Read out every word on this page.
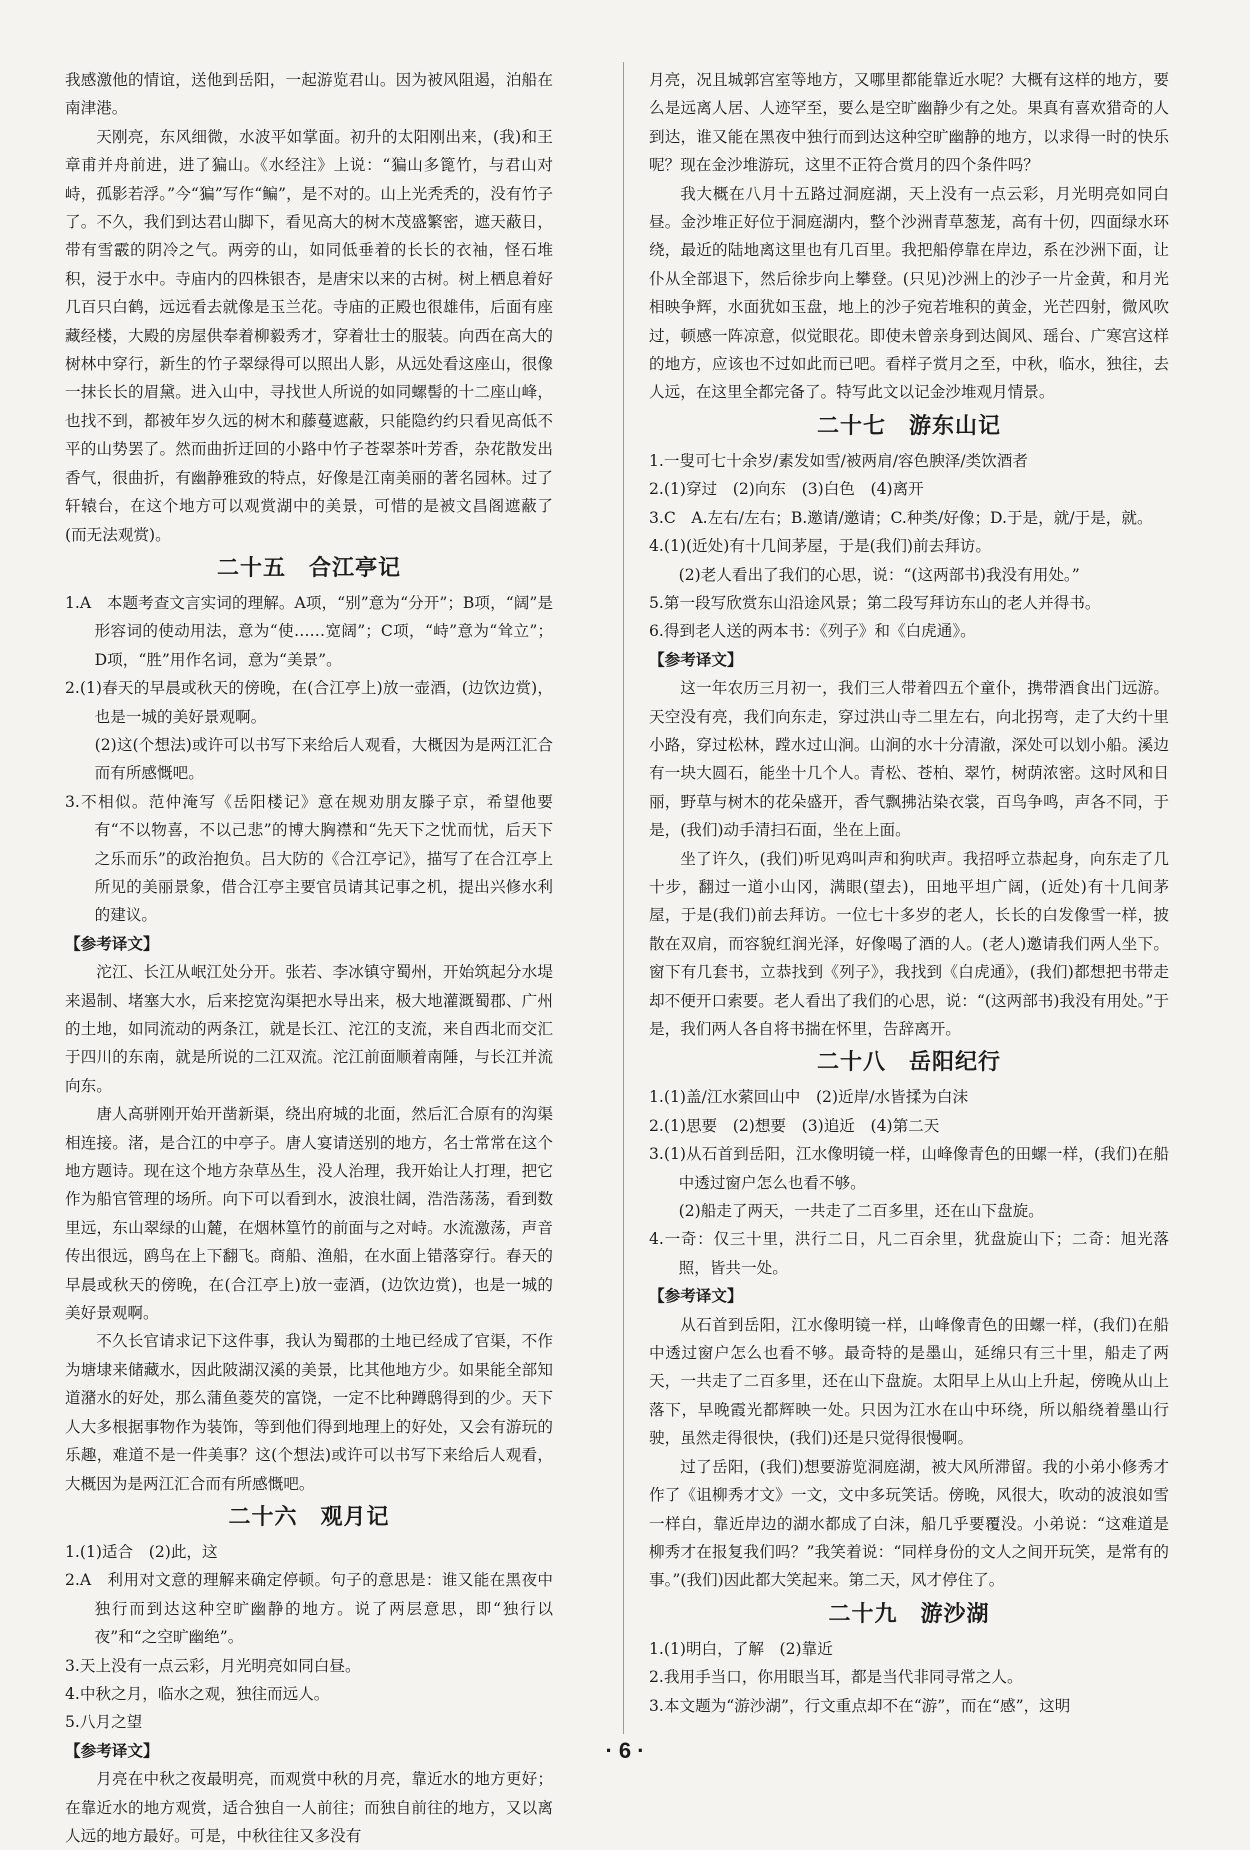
我感激他的情谊，送他到岳阳，一起游览君山。因为被风阻遏，泊船在南津港。

天刚亮，东风细微，水波平如掌面。初升的太阳刚出来，(我)和王章甫并舟前进，进了猵山。《水经注》上说：“猵山多篦竹，与君山对峙，孤影若浮。”今“猵”写作“鳊”，是不对的。山上光秃秃的，没有竹子了。不久，我们到达君山脚下，看见高大的树木茂盛繁密，遮天蔽日，带有雪霰的阴冷之气。两旁的山，如同低垂着的长长的衣袖，怪石堆积，浸于水中。寺庙内的四株银杏，是唐宋以来的古树。树上栖息着好几百只白鹤，远远看去就像是玉兰花。寺庙的正殿也很雄伟，后面有座藏经楼，大殿的房屋供奉着柳毅秀才，穿着壮士的服装。向西在高大的树林中穿行，新生的竹子翠绿得可以照出人影，从远处看这座山，很像一抹长长的眉黛。进入山中，寻找世人所说的如同螺髻的十二座山峰，也找不到，都被年岁久远的树木和藤蔓遮蔽，只能隐约约只看见高低不平的山势罢了。然而曲折迂回的小路中竹子苍翠茶叶芳香，杂花散发出香气，很曲折，有幽静雅致的特点，好像是江南美丽的著名园林。过了轩辕台，在这个地方可以观赏湖中的美景，可惜的是被文昌阁遮蔽了(而无法观赏)。

二十五　合江亭记

1.A　本题考查文言实词的理解。A项，“别”意为“分开”；B项，“阔”是形容词的使动用法，意为“使……宽阔”；C项，“峙”意为“耸立”；D项，“胜”用作名词，意为“美景”。

2.(1)春天的早晨或秋天的傍晚，在(合江亭上)放一壶酒，(边饮边赏)，也是一城的美好景观啊。

(2)这(个想法)或许可以书写下来给后人观看，大概因为是两江汇合而有所感慨吧。

3.不相似。范仲淹写《岳阳楼记》意在规劝朋友滕子京，希望他要有“不以物喜，不以己悲”的博大胸襟和“先天下之忧而忧，后天下之乐而乐”的政治抱负。吕大防的《合江亭记》，描写了在合江亭上所见的美丽景象，借合江亭主要官员请其记事之机，提出兴修水利的建议。

【参考译文】

沱江、长江从岷江处分开。张若、李冰镇守蜀州，开始筑起分水堤来遏制、堵塞大水，后来挖宽沟渠把水导出来，极大地灌溉蜀郡、广州的土地，如同流动的两条江，就是长江、沱江的支流，来自西北而交汇于四川的东南，就是所说的二江双流。沱江前面顺着南陲，与长江并流向东。

唐人高骈刚开始开凿新渠，绕出府城的北面，然后汇合原有的沟渠相连接。渚，是合江的中亭子。唐人宴请送别的地方，名士常常在这个地方题诗。现在这个地方杂草丛生，没人治理，我开始让人打理，把它作为船官管理的场所。向下可以看到水，波浪壮阔，浩浩荡荡，看到数里远，东山翠绿的山麓，在烟林篁竹的前面与之对峙。水流激荡，声音传出很远，鸥鸟在上下翻飞。商船、渔船，在水面上错落穿行。春天的早晨或秋天的傍晚，在(合江亭上)放一壶酒，(边饮边赏)，也是一城的美好景观啊。

不久长官请求记下这件事，我认为蜀郡的土地已经成了官渠，不作为塘埭来储藏水，因此陂湖汉溪的美景，比其他地方少。如果能全部知道潴水的好处，那么蒲鱼菱芡的富饶，一定不比种蹲鸱得到的少。天下人大多根据事物作为装饰，等到他们得到地理上的好处，又会有游玩的乐趣，难道不是一件美事？这(个想法)或许可以书写下来给后人观看，大概因为是两江汇合而有所感慨吧。

二十六　观月记

1.(1)适合　(2)此，这

2.A　利用对文意的理解来确定停顿。句子的意思是：谁又能在黑夜中独行而到达这种空旷幽静的地方。说了两层意思，即“独行以夜”和“之空旷幽绝”。

3.天上没有一点云彩，月光明亮如同白昼。

4.中秋之月，临水之观，独往而远人。

5.八月之望

【参考译文】

月亮在中秋之夜最明亮，而观赏中秋的月亮，靠近水的地方更好；在靠近水的地方观赏，适合独自一人前往；而独自前往的地方，又以离人远的地方最好。可是，中秋往往又多没有

月亮，况且城郭宫室等地方，又哪里都能靠近水呢？大概有这样的地方，要么是远离人居、人迹罕至，要么是空旷幽静少有之处。果真有喜欢猎奇的人到达，谁又能在黑夜中独行而到达这种空旷幽静的地方，以求得一时的快乐呢？现在金沙堆游玩，这里不正符合赏月的四个条件吗？

我大概在八月十五路过洞庭湖，天上没有一点云彩，月光明亮如同白昼。金沙堆正好位于洞庭湖内，整个沙洲青草葱茏，高有十仞，四面绿水环绕，最近的陆地离这里也有几百里。我把船停靠在岸边，系在沙洲下面，让仆从全部退下，然后徐步向上攀登。(只见)沙洲上的沙子一片金黄，和月光相映争辉，水面犹如玉盘，地上的沙子宛若堆积的黄金，光芒四射，微风吹过，顿感一阵凉意，似觉眼花。即使未曾亲身到达阆风、瑶台、广寒宫这样的地方，应该也不过如此而已吧。看样子赏月之至，中秋，临水，独往，去人远，在这里全都完备了。特写此文以记金沙堆观月情景。

二十七　游东山记

1.一叟可七十余岁/素发如雪/被两肩/容色腴泽/类饮酒者

2.(1)穿过　(2)向东　(3)白色　(4)离开

3.C　A.左右/左右；B.邀请/邀请；C.种类/好像；D.于是，就/于是，就。

4.(1)(近处)有十几间茅屋，于是(我们)前去拜访。

(2)老人看出了我们的心思，说：“(这两部书)我没有用处。”

5.第一段写欣赏东山沿途风景；第二段写拜访东山的老人并得书。

6.得到老人送的两本书：《列子》和《白虎通》。

【参考译文】

这一年农历三月初一，我们三人带着四五个童仆，携带酒食出门远游。天空没有亮，我们向东走，穿过洪山寺二里左右，向北拐弯，走了大约十里小路，穿过松林，蹚水过山涧。山涧的水十分清澈，深处可以划小船。溪边有一块大圆石，能坐十几个人。青松、苍柏、翠竹，树荫浓密。这时风和日丽，野草与树木的花朵盛开，香气飘拂沾染衣裳，百鸟争鸣，声各不同，于是，(我们)动手清扫石面，坐在上面。

坐了许久，(我们)听见鸡叫声和狗吠声。我招呼立恭起身，向东走了几十步，翻过一道小山冈，满眼(望去)，田地平坦广阔，(近处)有十几间茅屋，于是(我们)前去拜访。一位七十多岁的老人，长长的白发像雪一样，披散在双肩，而容貌红润光泽，好像喝了酒的人。(老人)邀请我们两人坐下。窗下有几套书，立恭找到《列子》，我找到《白虎通》，(我们)都想把书带走却不便开口索要。老人看出了我们的心思，说：“(这两部书)我没有用处。”于是，我们两人各自将书揣在怀里，告辞离开。

二十八　岳阳纪行

1.(1)盖/江水萦回山中　(2)近岸/水皆揉为白沫

2.(1)思要　(2)想要　(3)追近　(4)第二天

3.(1)从石首到岳阳，江水像明镜一样，山峰像青色的田螺一样，(我们)在船中透过窗户怎么也看不够。

(2)船走了两天，一共走了二百多里，还在山下盘旋。

4.一奇：仅三十里，洪行二日，凡二百余里，犹盘旋山下；二奇：旭光落照，皆共一处。

【参考译文】

从石首到岳阳，江水像明镜一样，山峰像青色的田螺一样，(我们)在船中透过窗户怎么也看不够。最奇特的是墨山，延绵只有三十里，船走了两天，一共走了二百多里，还在山下盘旋。太阳早上从山上升起，傍晚从山上落下，早晚霞光都辉映一处。只因为江水在山中环绕，所以船绕着墨山行驶，虽然走得很快，(我们)还是只觉得很慢啊。

过了岳阳，(我们)想要游览洞庭湖，被大风所滞留。我的小弟小修秀才作了《诅柳秀才文》一文，文中多玩笑话。傍晚，风很大，吹动的波浪如雪一样白，靠近岸边的湖水都成了白沫，船几乎要覆没。小弟说：“这难道是柳秀才在报复我们吗？”我笑着说：“同样身份的文人之间开玩笑，是常有的事。”(我们)因此都大笑起来。第二天，风才停住了。

二十九　游沙湖

1.(1)明白，了解　(2)靠近

2.我用手当口，你用眼当耳，都是当代非同寻常之人。

3.本文题为“游沙湖”，行文重点却不在“游”，而在“感”，这明

· 6 ·
